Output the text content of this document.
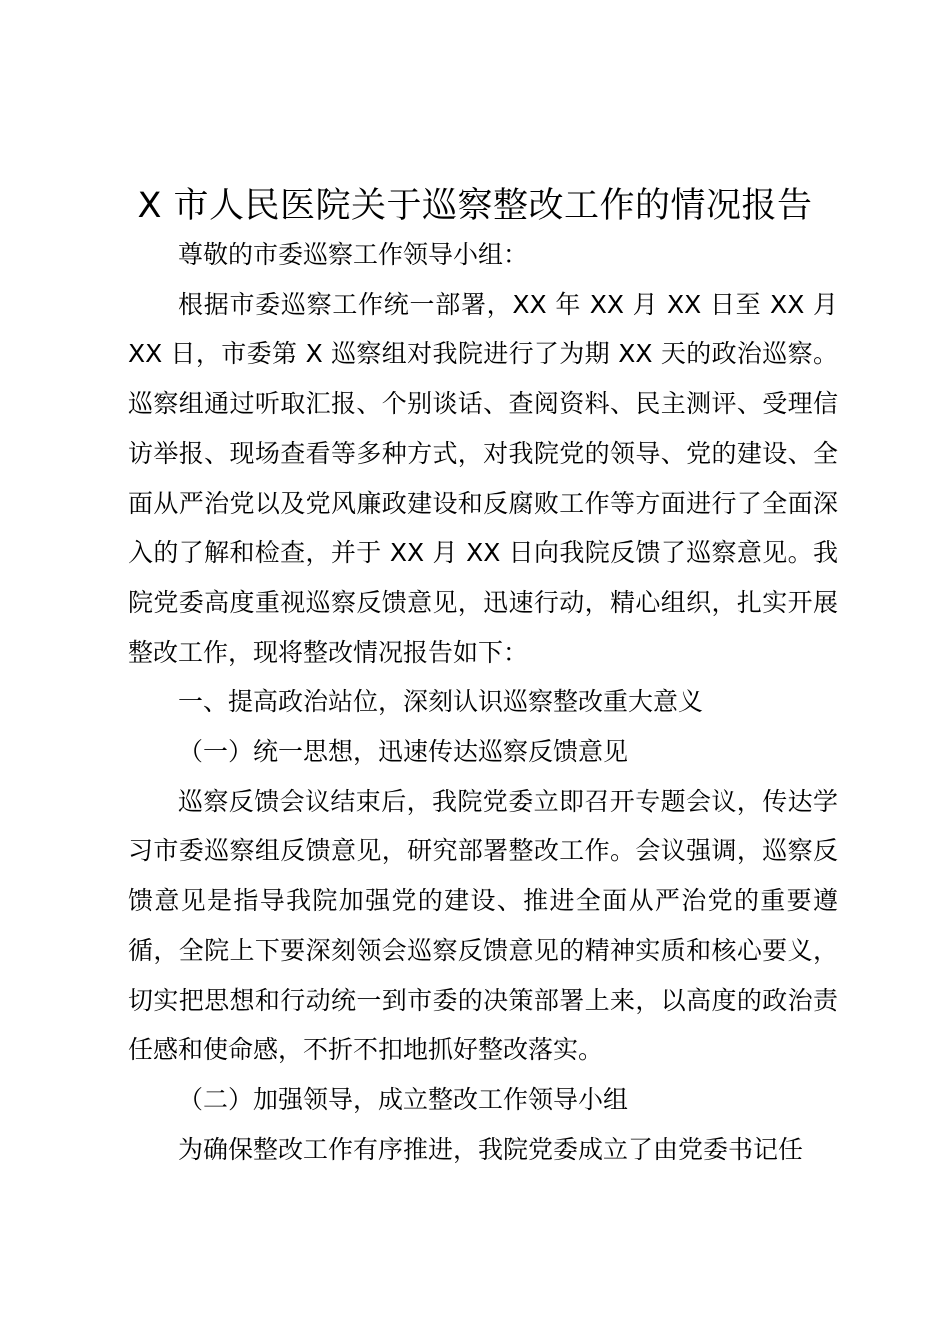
X 市人民医院关于巡察整改工作的情况报告

尊敬的市委巡察工作领导小组：

根据市委巡察工作统一部署，XX 年 XX 月 XX 日至 XX 月 XX 日，市委第 X 巡察组对我院进行了为期 XX 天的政治巡察。巡察组通过听取汇报、个别谈话、查阅资料、民主测评、受理信访举报、现场查看等多种方式，对我院党的领导、党的建设、全面从严治党以及党风廉政建设和反腐败工作等方面进行了全面深入的了解和检查，并于 XX 月 XX 日向我院反馈了巡察意见。我院党委高度重视巡察反馈意见，迅速行动，精心组织，扎实开展整改工作，现将整改情况报告如下：

一、提高政治站位，深刻认识巡察整改重大意义

（一）统一思想，迅速传达巡察反馈意见

巡察反馈会议结束后，我院党委立即召开专题会议，传达学习市委巡察组反馈意见，研究部署整改工作。会议强调，巡察反馈意见是指导我院加强党的建设、推进全面从严治党的重要遵循，全院上下要深刻领会巡察反馈意见的精神实质和核心要义，切实把思想和行动统一到市委的决策部署上来，以高度的政治责任感和使命感，不折不扣地抓好整改落实。

（二）加强领导，成立整改工作领导小组

为确保整改工作有序推进，我院党委成立了由党委书记任
